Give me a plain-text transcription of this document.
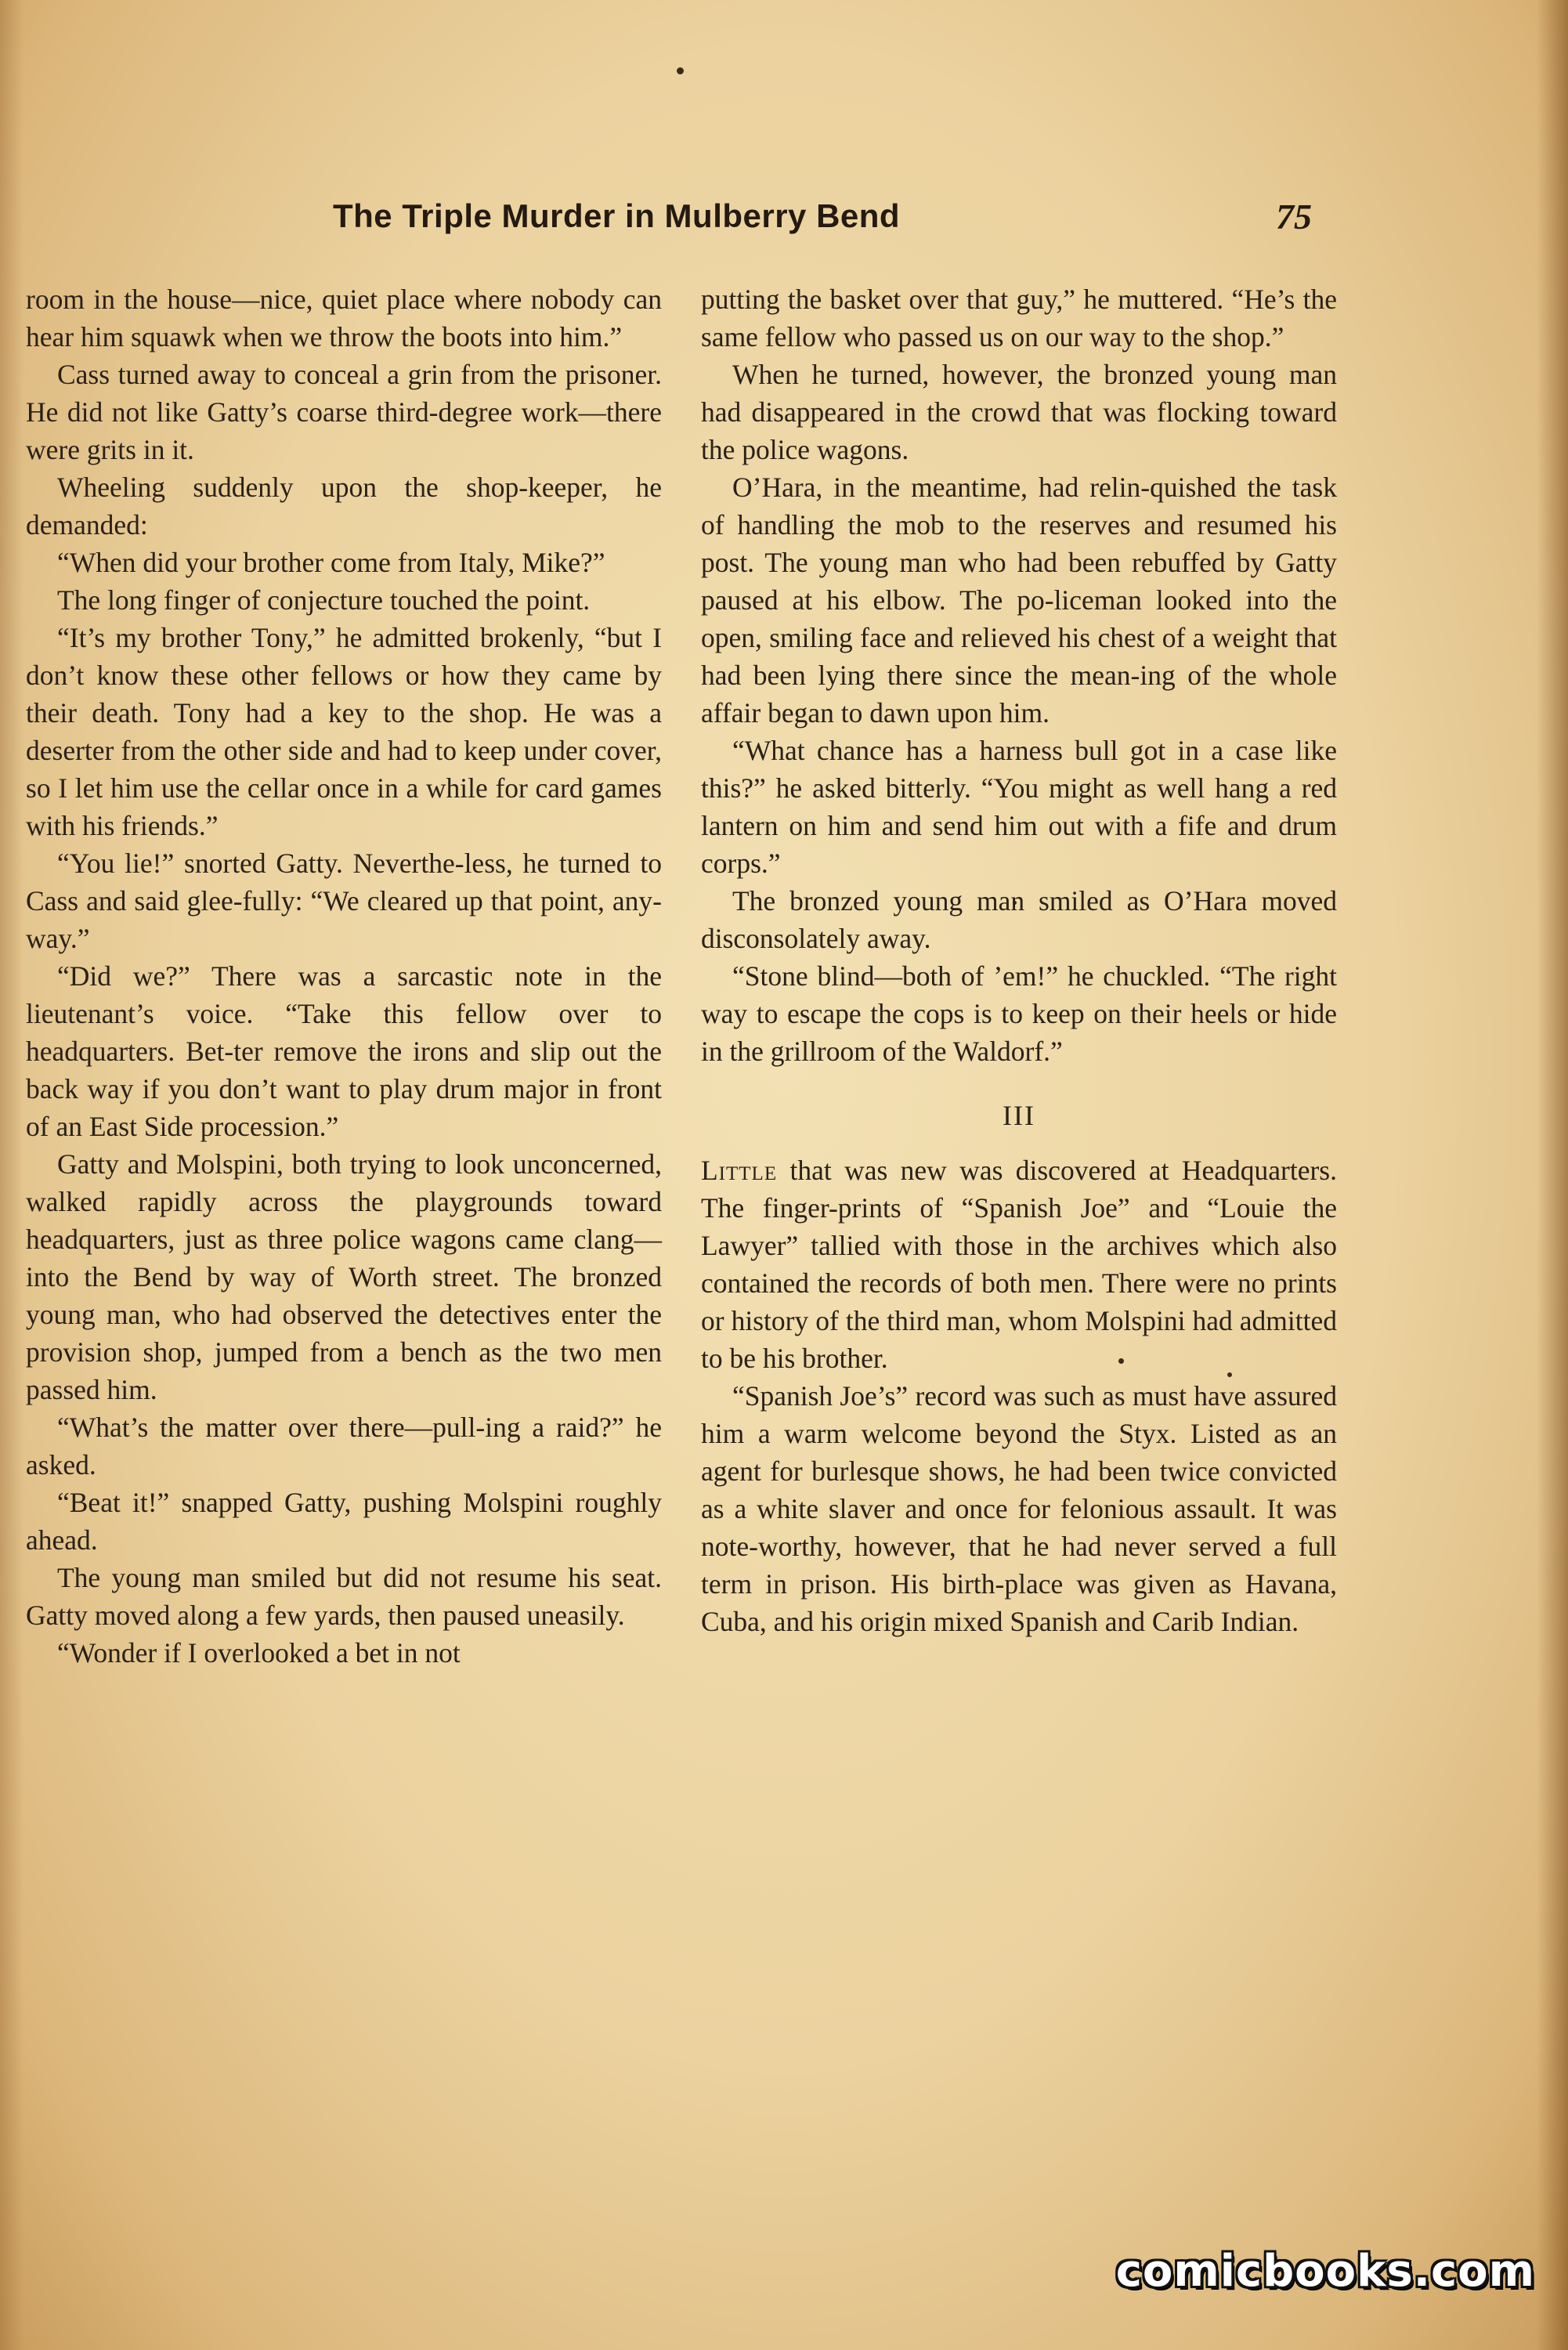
The Triple Murder in Mulberry Bend	75

room in the house—nice, quiet place where nobody can hear him squawk when we throw the boots into him.”

Cass turned away to conceal a grin from the prisoner. He did not like Gatty’s coarse third-degree work—there were grits in it.

Wheeling suddenly upon the shop-keeper, he demanded:

“When did your brother come from Italy, Mike?”

The long finger of conjecture touched the point.

“It’s my brother Tony,” he admitted brokenly, “but I don’t know these other fellows or how they came by their death. Tony had a key to the shop. He was a deserter from the other side and had to keep under cover, so I let him use the cellar once in a while for card games with his friends.”

“You lie!” snorted Gatty. Neverthe-less, he turned to Cass and said glee-fully: “We cleared up that point, any-way.”

“Did we?” There was a sarcastic note in the lieutenant’s voice. “Take this fellow over to headquarters. Bet-ter remove the irons and slip out the back way if you don’t want to play drum major in front of an East Side procession.”

Gatty and Molspini, both trying to look unconcerned, walked rapidly across the playgrounds toward headquarters, just as three police wagons came clang—into the Bend by way of Worth street. The bronzed young man, who had observed the detectives enter the provision shop, jumped from a bench as the two men passed him.

“What’s the matter over there—pull-ing a raid?” he asked.

“Beat it!” snapped Gatty, pushing Molspini roughly ahead.

The young man smiled but did not resume his seat. Gatty moved along a few yards, then paused uneasily.

“Wonder if I overlooked a bet in not

putting the basket over that guy,” he muttered. “He’s the same fellow who passed us on our way to the shop.”

When he turned, however, the bronzed young man had disappeared in the crowd that was flocking toward the police wagons.

O’Hara, in the meantime, had relin-quished the task of handling the mob to the reserves and resumed his post. The young man who had been rebuffed by Gatty paused at his elbow. The po-liceman looked into the open, smiling face and relieved his chest of a weight that had been lying there since the mean-ing of the whole affair began to dawn upon him.

“What chance has a harness bull got in a case like this?” he asked bitterly. “You might as well hang a red lantern on him and send him out with a fife and drum corps.”

The bronzed young man smiled as O’Hara moved disconsolately away.

“Stone blind—both of ’em!” he chuckled. “The right way to escape the cops is to keep on their heels or hide in the grillroom of the Waldorf.”

III

Little that was new was discovered at Headquarters. The finger-prints of “Spanish Joe” and “Louie the Lawyer” tallied with those in the archives which also contained the records of both men. There were no prints or history of the third man, whom Molspini had admitted to be his brother.

“Spanish Joe’s” record was such as must have assured him a warm welcome beyond the Styx. Listed as an agent for burlesque shows, he had been twice convicted as a white slaver and once for felonious assault. It was note-worthy, however, that he had never served a full term in prison. His birth-place was given as Havana, Cuba, and his origin mixed Spanish and Carib Indian.

comicbooks.com
